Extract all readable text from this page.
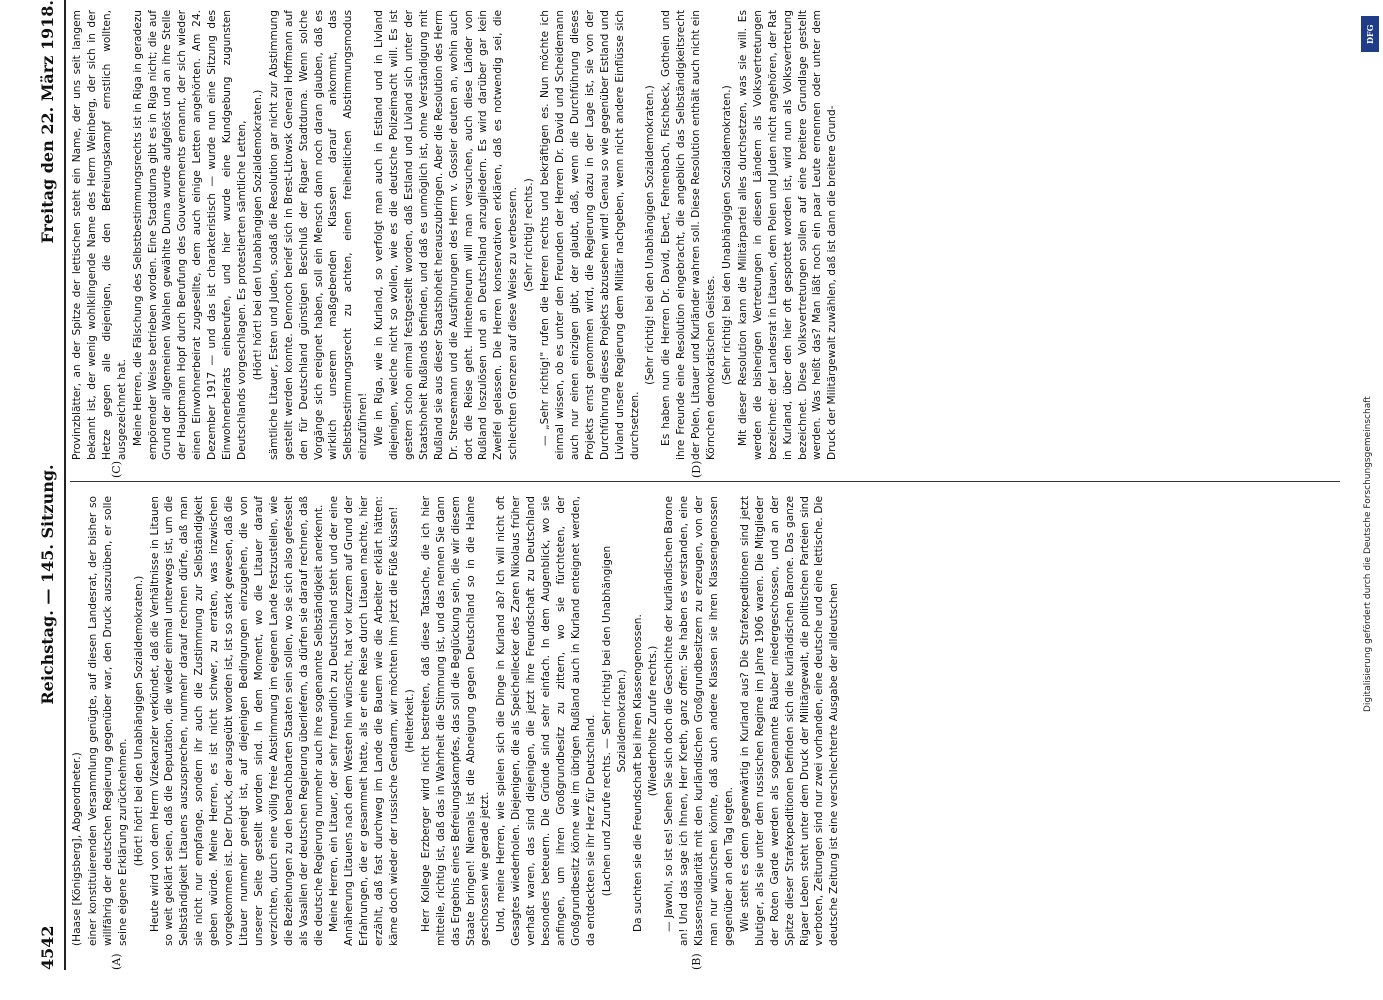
4542
Reichstag. — 145. Sitzung.
Freitag den 22. März 1918.
(A)	(B)
(C)	(D)

(Haase [Königsberg], Abgeordneter.) einer konstituierenden Versammlung genügte, auf diesen Landesrat, der bisher so willfährig der deutschen Regierung gegenüber war, den Druck auszuüben, er solle seine eigene Erklärung zurücknehmen. (Hört! hört! bei den Unabhängigen Sozialdemokraten.) Heute wird von dem Herrn Vizekanzler verkündet, daß die Verhältnisse in Litauen so weit geklärt seien, daß die Deputation, die wieder einmal unterwegs ist, um die Selbständigkeit Litauens auszusprechen, nunmehr darauf rechnen dürfe, daß man sie nicht nur empfange, sondern ihr auch die Zustimmung zur Selbständigkeit geben würde. Meine Herren, es ist nicht schwer, zu erraten, was inzwischen vorgekommen ist. Der Druck, der ausgeübt worden ist, ist so stark gewesen, daß die Litauer nunmehr geneigt ist, auf diejenigen Bedingungen einzugehen, die von unserer Seite gestellt worden sind. In dem Moment, wo die Litauer darauf verzichten, durch eine völlig freie Abstimmung im eigenen Lande festzustellen, wie die Beziehungen zu den benachbarten Staaten sein sollen, wo sie sich also gefesselt als Vasallen der deutschen Regierung überliefern, da dürfen sie darauf rechnen, daß die deutsche Regierung nunmehr auch ihre sogenannte Selbständigkeit anerkennt. Meine Herren, ein Litauer, der sehr freundlich zu Deutschland steht und der eine Annäherung Litauens nach dem Westen hin wünscht, hat vor kurzem auf Grund der Erfahrungen, die er gesammelt hatte, als er eine Reise durch Litauen machte, hier erzählt, daß fast durchweg im Lande die Bauern wie die Arbeiter erklärt hätten: käme doch wieder der russische Gendarm, wir möchten ihm jetzt die Füße küssen! (Heiterkeit.) Herr Kollege Erzberger wird nicht bestreiten, daß diese Tatsache, die ich hier mitteile, richtig ist, daß das in Wahrheit die Stimmung ist, und das nennen Sie dann das Ergebnis eines Befreiungskampfes, das soll die Beglückung sein, die wir diesem Staate bringen! Niemals ist die Abneigung gegen Deutschland so in die Halme geschossen wie gerade jetzt. Und, meine Herren, wie spielen sich die Dinge in Kurland ab? Ich will nicht oft Gesagtes wiederholen. Diejenigen, die als Speichellecker des Zaren Nikolaus früher verhaßt waren, das sind diejenigen, die jetzt ihre Freundschaft zu Deutschland besonders beteuern. Die Gründe sind sehr einfach. In dem Augenblick, wo sie anfingen, um ihren Großgrundbesitz zu zittern, wo sie fürchteten, der Großgrundbesitz könne wie im übrigen Rußland auch in Kurland enteignet werden, da entdeckten sie ihr Herz für Deutschland. (Lachen und Zurufe rechts. — Sehr richtig! bei den Unabhängigen Sozialdemokraten.) Da suchten sie die Freundschaft bei ihren Klassengenossen. (Wiederholte Zurufe rechts.) — Jawohl, so ist es! Sehen Sie sich doch die Geschichte der kurländischen Barone an! Und das sage ich Ihnen, Herr Kreth, ganz offen: Sie haben es verstanden, eine Klassensolidarität mit den kurländischen Großgrundbesitzern zu erzeugen, von der man nur wünschen könnte, daß auch andere Klassen sie ihren Klassengenossen gegenüber an den Tag legten. Wie steht es denn gegenwärtig in Kurland aus? Die Strafexpeditionen sind jetzt blutiger, als sie unter dem russischen Regime im Jahre 1906 waren. Die Mitglieder der Roten Garde werden als sogenannte Räuber niedergeschossen, und an der Spitze dieser Strafexpeditionen befinden sich die kurländischen Barone. Das ganze Rigaer Leben steht unter dem Druck der Militärgewalt, die politischen Parteien sind verboten, Zeitungen sind nur zwei vorhanden, eine deutsche und eine lettische. Die deutsche Zeitung ist eine verschlechterte Ausgabe der alldeutschen

Provinzblätter, an der Spitze der lettischen steht ein Name, der uns seit langem bekannt ist, der wenig wohlklingende Name des Herrn Weinberg, der sich in der Hetze gegen alle diejenigen, die den Befreiungskampf ernstlich wollten, ausgezeichnet hat. Meine Herren, die Fälschung des Selbstbestimmungsrechts ist in Riga in geradezu empörender Weise betrieben worden. Eine Stadtduma gibt es in Riga nicht; die auf Grund der allgemeinen Wahlen gewählte Duma wurde aufgelöst und an ihre Stelle der Hauptmann Hopf durch Berufung des Gouvernements ernannt, der sich wieder einen Einwohnerbeirat zugesellte, dem auch einige Letten angehörten. Am 24. Dezember 1917 — und das ist charakteristisch — wurde nun eine Sitzung des Einwohnerbeirats einberufen, und hier wurde eine Kundgebung zugunsten Deutschlands vorgeschlagen. Es protestierten sämtliche Letten, (Hört! hört! bei den Unabhängigen Sozialdemokraten.) sämtliche Litauer, Esten und Juden, sodaß die Resolution gar nicht zur Abstimmung gestellt werden konnte. Dennoch berief sich in Brest-Litowsk General Hoffmann auf den für Deutschland günstigen Beschluß der Rigaer Stadtduma. Wenn solche Vorgänge sich ereignet haben, soll ein Mensch dann noch daran glauben, daß es wirklich unserem maßgebenden Klassen darauf ankommt, das Selbstbestimmungsrecht zu achten, einen freiheitlichen Abstimmungsmodus einzuführen! Wie in Riga, wie in Kurland, so verfolgt man auch in Estland und in Livland diejenigen, welche nicht so wollen, wie es die deutsche Polizeimacht will. Es ist gestern schon einmal festgestellt worden, daß Estland und Livland sich unter der Staatshoheit Rußlands befinden, und daß es unmöglich ist, ohne Verständigung mit Rußland sie aus dieser Staatshoheit herauszubringen. Aber die Resolution des Herrn Dr. Stresemann und die Ausführungen des Herrn v. Gossler deuten an, wohin auch dort die Reise geht. Hintenherum will man versuchen, auch diese Länder von Rußland loszulösen und an Deutschland anzugliedern. Es wird darüber gar kein Zweifel gelassen. Die Herren konservativen erklären, daß es notwendig sei, die schlechten Grenzen auf diese Weise zu verbessern. (Sehr richtig! rechts.) — „Sehr richtig!" rufen die Herren rechts und bekräftigen es. Nun möchte ich einmal wissen, ob es unter den Freunden der Herren Dr. David und Scheidemann auch nur einen einzigen gibt, der glaubt, daß, wenn die Durchführung dieses Projekts ernst genommen wird, die Regierung dazu in der Lage ist, sie von der Durchführung dieses Projekts abzusehen wird! Genau so wie gegenüber Estland und Livland unsere Regierung dem Militär nachgeben, wenn nicht andere Einflüsse sich durchsetzen.

(Sehr richtig! bei den Unabhängigen Sozialdemokraten.) Es haben nun die Herren Dr. David, Ebert, Fehrenbach, Fischbeck, Gothein und ihre Freunde eine Resolution eingebracht, die angeblich das Selbständigkeitsrecht der Polen, Litauer und Kurländer wahren soll. Diese Resolution enthält auch nicht ein Körnchen demokratischen Geistes. (Sehr richtig! bei den Unabhängigen Sozialdemokraten.) Mit dieser Resolution kann die Militärpartei alles durchsetzen, was sie will. Es werden die bisherigen Vertretungen in diesen Ländern als Volksvertretungen bezeichnet: der Landesrat in Litauen, dem Polen und Juden nicht angehören, der Rat in Kurland, über den hier oft gespottet worden ist, wird nun als Volksvertretung bezeichnet. Diese Volksvertretungen sollen auf eine breitere Grundlage gestellt werden. Was heißt das? Man läßt noch ein paar Leute ernennen oder unter dem Druck der Militärgewalt zuwählen, daß ist dann die breitere Grund-

DFG
Digitalisierung gefördert durch die Deutsche Forschungsgemeinschaft
